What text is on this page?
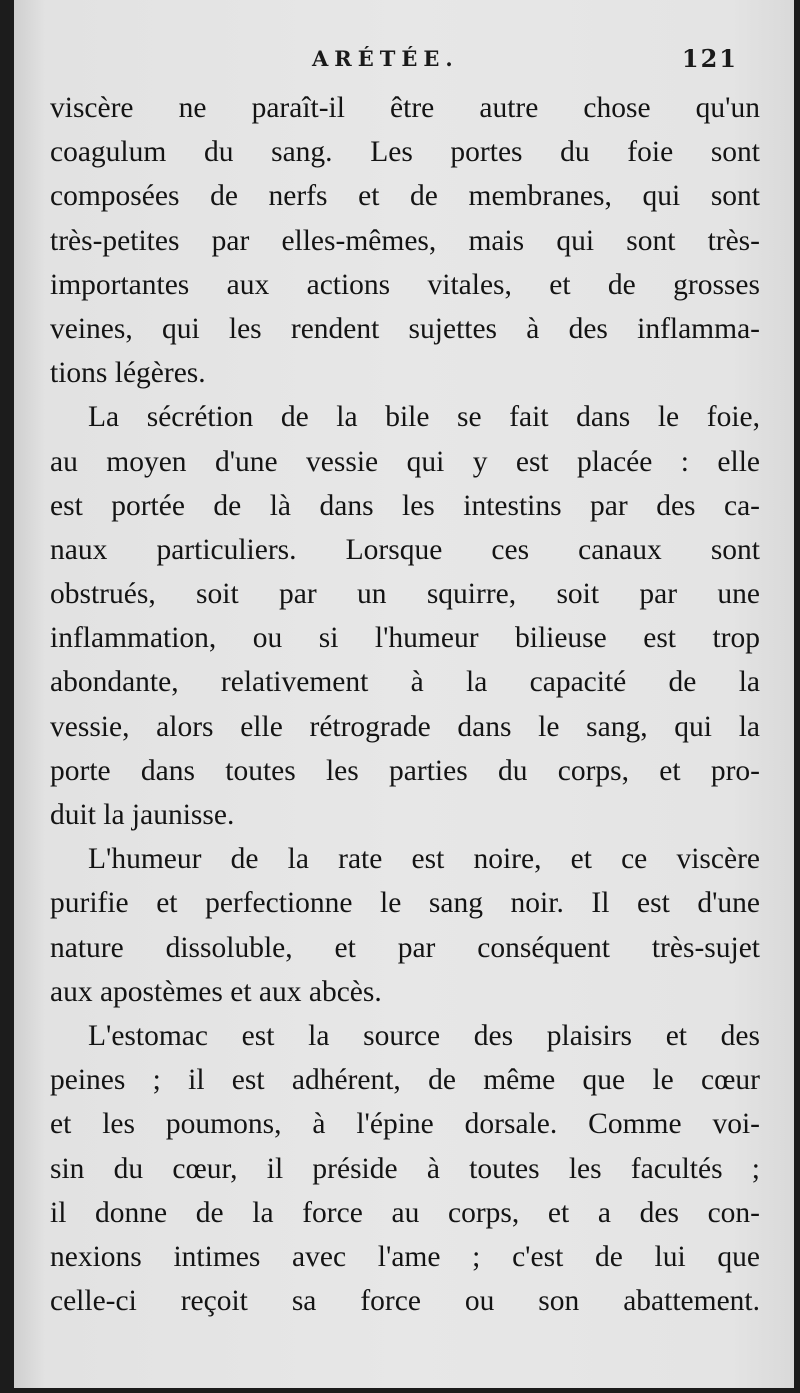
ARÉTÉE.	121
viscère ne paraît-il être autre chose qu'un
coagulum du sang. Les portes du foie sont
composées de nerfs et de membranes, qui sont
très-petites par elles-mêmes, mais qui sont très-
importantes aux actions vitales, et de grosses
veines, qui les rendent sujettes à des inflamma-
tions légères.
La sécrétion de la bile se fait dans le foie,
au moyen d'une vessie qui y est placée : elle
est portée de là dans les intestins par des ca-
naux particuliers. Lorsque ces canaux sont
obstrués, soit par un squirre, soit par une
inflammation, ou si l'humeur bilieuse est trop
abondante, relativement à la capacité de la
vessie, alors elle rétrograde dans le sang, qui la
porte dans toutes les parties du corps, et pro-
duit la jaunisse.
L'humeur de la rate est noire, et ce viscère
purifie et perfectionne le sang noir. Il est d'une
nature dissoluble, et par conséquent très-sujet
aux apostèmes et aux abcès.
L'estomac est la source des plaisirs et des
peines ; il est adhérent, de même que le cœur
et les poumons, à l'épine dorsale. Comme voi-
sin du cœur, il préside à toutes les facultés ;
il donne de la force au corps, et a des con-
nexions intimes avec l'ame ; c'est de lui que
celle-ci reçoit sa force ou son abattement.
